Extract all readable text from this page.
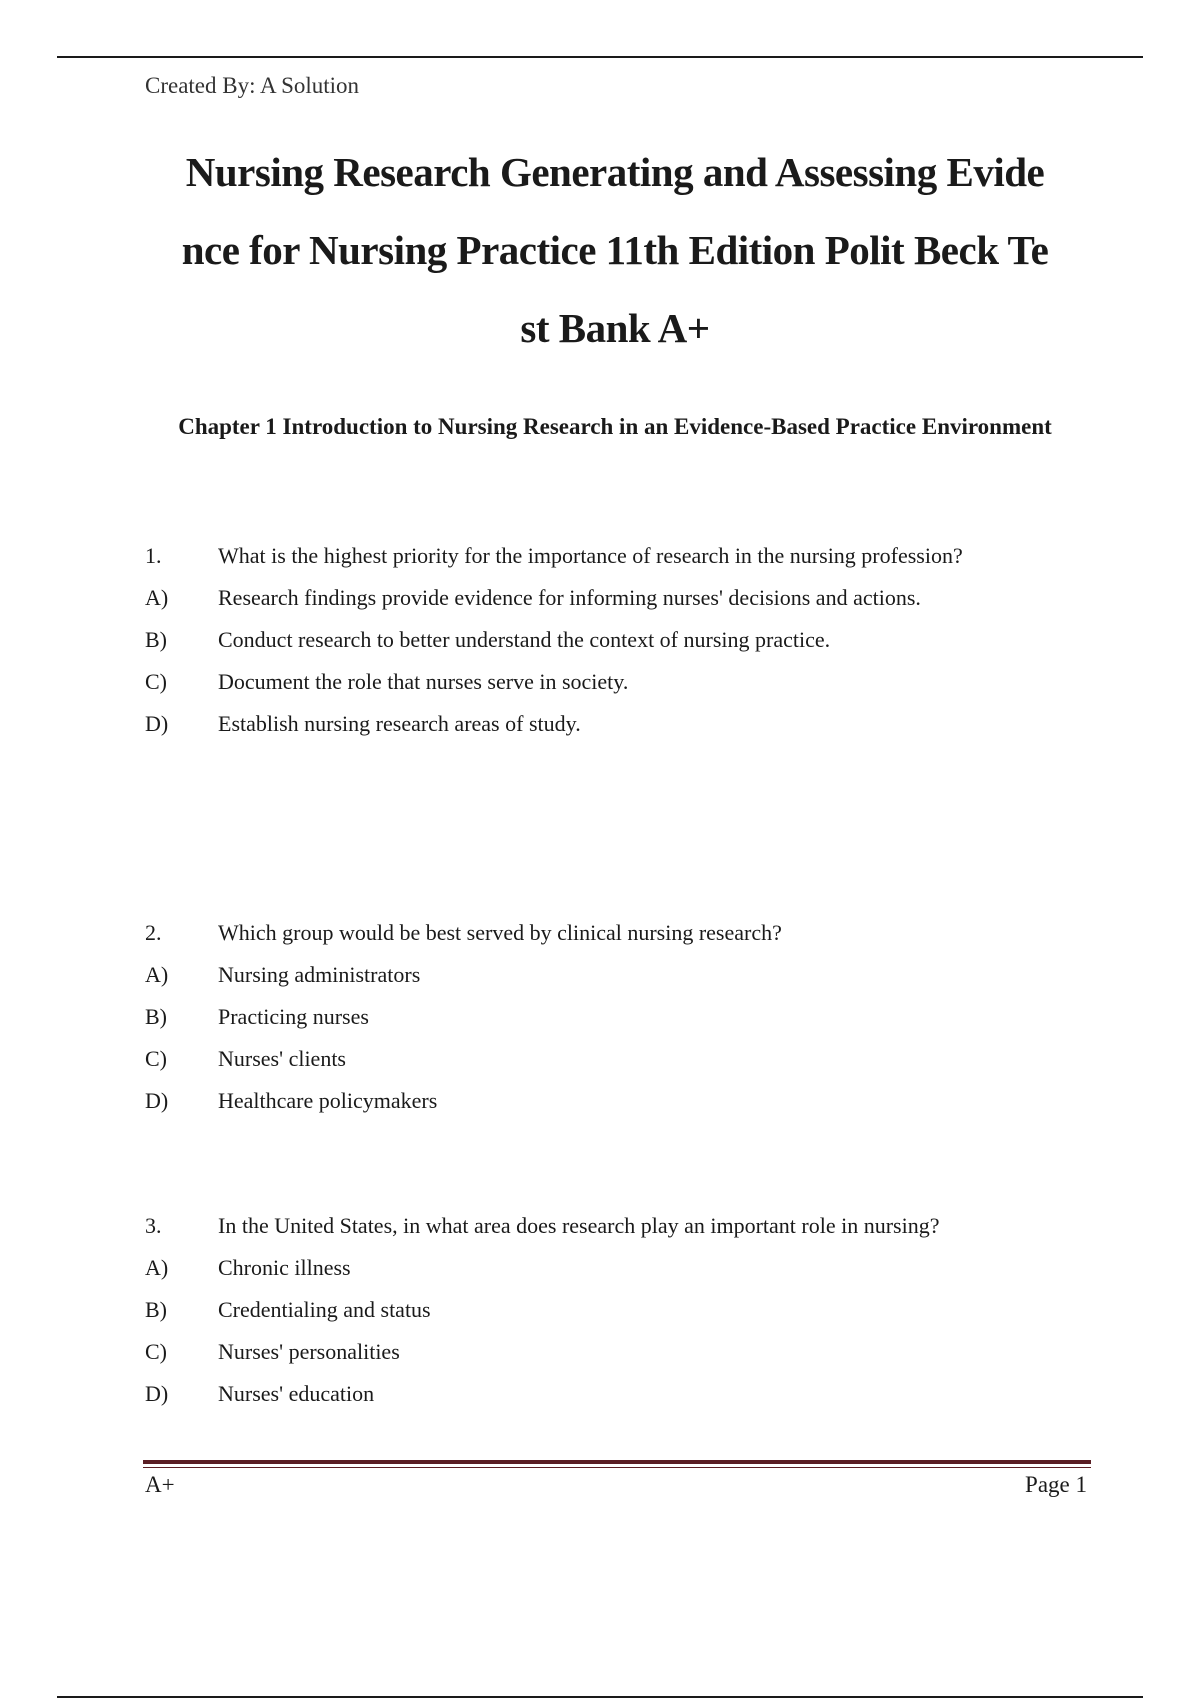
Created By: A Solution
Nursing Research Generating and Assessing Evide
nce for Nursing Practice 11th Edition Polit Beck Te
st Bank A+
Chapter 1 Introduction to Nursing Research in an Evidence-Based Practice Environment
1.	What is the highest priority for the importance of research in the nursing profession?
A)	Research findings provide evidence for informing nurses' decisions and actions.
B)	Conduct research to better understand the context of nursing practice.
C)	Document the role that nurses serve in society.
D)	Establish nursing research areas of study.
2.	Which group would be best served by clinical nursing research?
A)	Nursing administrators
B)	Practicing nurses
C)	Nurses' clients
D)	Healthcare policymakers
3.	In the United States, in what area does research play an important role in nursing?
A)	Chronic illness
B)	Credentialing and status
C)	Nurses' personalities
D)	Nurses' education
A+	Page 1
